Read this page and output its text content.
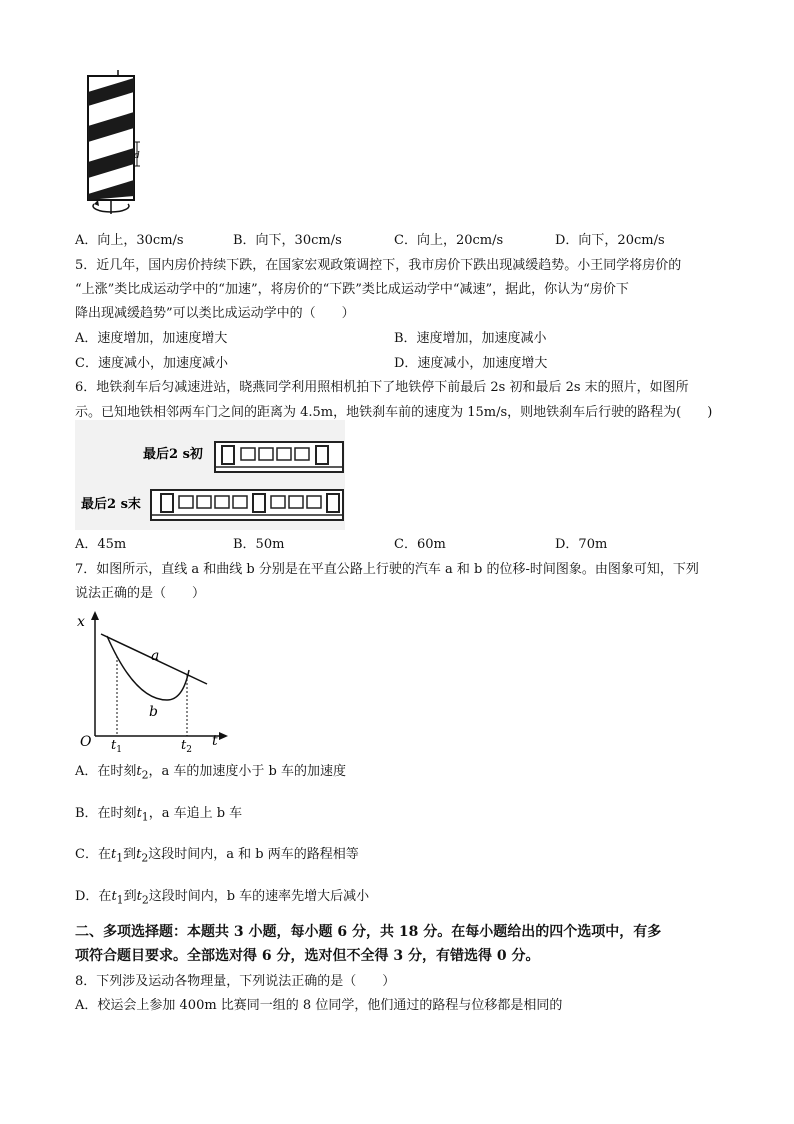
d
A．向上，30cm/s	B．向下，30cm/s	C．向上，20cm/s	D．向下，20cm/s
5．近几年，国内房价持续下跌，在国家宏观政策调控下，我市房价下跌出现减缓趋势。小王同学将房价的
“上涨”类比成运动学中的“加速”，将房价的“下跌”类比成运动学中“减速”，据此，你认为“房价下
降出现减缓趋势”可以类比成运动学中的（　　）
A．速度增加，加速度增大	B．速度增加，加速度减小
C．速度减小，加速度减小	D．速度减小，加速度增大
6．地铁刹车后匀减速进站，晓燕同学利用照相机拍下了地铁停下前最后 2s 初和最后 2s 末的照片，如图所
示。已知地铁相邻两车门之间的距离为 4.5m，地铁刹车前的速度为 15m/s，则地铁刹车后行驶的路程为(　　)
最后2 s初
最后2 s末
A．45m	B．50m	C．60m	D．70m
7．如图所示，直线 a 和曲线 b 分别是在平直公路上行驶的汽车 a 和 b 的位移-时间图象。由图象可知，下列
说法正确的是（　　）
x
t
O
a
b
$t_1$	$t_2$
A．在时刻$t_2$，a 车的加速度小于 b 车的加速度
B．在时刻$t_1$，a 车追上 b 车
C．在$t_1$到$t_2$这段时间内，a 和 b 两车的路程相等
D．在$t_1$到$t_2$这段时间内，b 车的速率先增大后减小
二、多项选择题：本题共 3 小题，每小题 6 分，共 18 分。在每小题给出的四个选项中，有多
项符合题目要求。全部选对得 6 分，选对但不全得 3 分，有错选得 0 分。
8．下列涉及运动各物理量，下列说法正确的是（　　）
A．校运会上参加 400m 比赛同一组的 8 位同学，他们通过的路程与位移都是相同的
